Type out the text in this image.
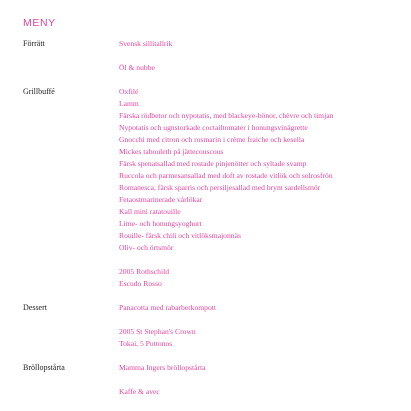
MENY
Förrätt	Svensk sillitallrik
Öl & nubbe
Grillbuffé	Oxfilé
Lamm
Färska rödbetor och nypotatis, med blackeye-bönor, chèvre och timjan
Nypotatis och ugnstorkade coctailtomater i honungsvinägrette
Gnocchi med citron och rosmarin i crème fraiche och kesella
Mickes tabouleth på jättecouscous
Färsk spenatsallad med rostade pinjenötter och syltade svamp
Ruccola och parmesansallad med doft av rostade vitlök och solrosfrön
Romanesca, färsk sparris och persiljesallad med brynt sardellsmör
Fetaostmarinerade vårlökar
Kall mini ratatouille
Lime- och honungsyoghurt
Rouille- färsk chili och vitlöksmajonnäs
Oliv- och örtsmör
2005 Rothschild
Escudo Rosso
Dessert	Panacotta med rabarberkompott
2005 St Stephan's Crown
Tokai, 5 Puttonos
Bröllopstårta	Mamma Ingers bröllopstårta
Kaffe & avec
